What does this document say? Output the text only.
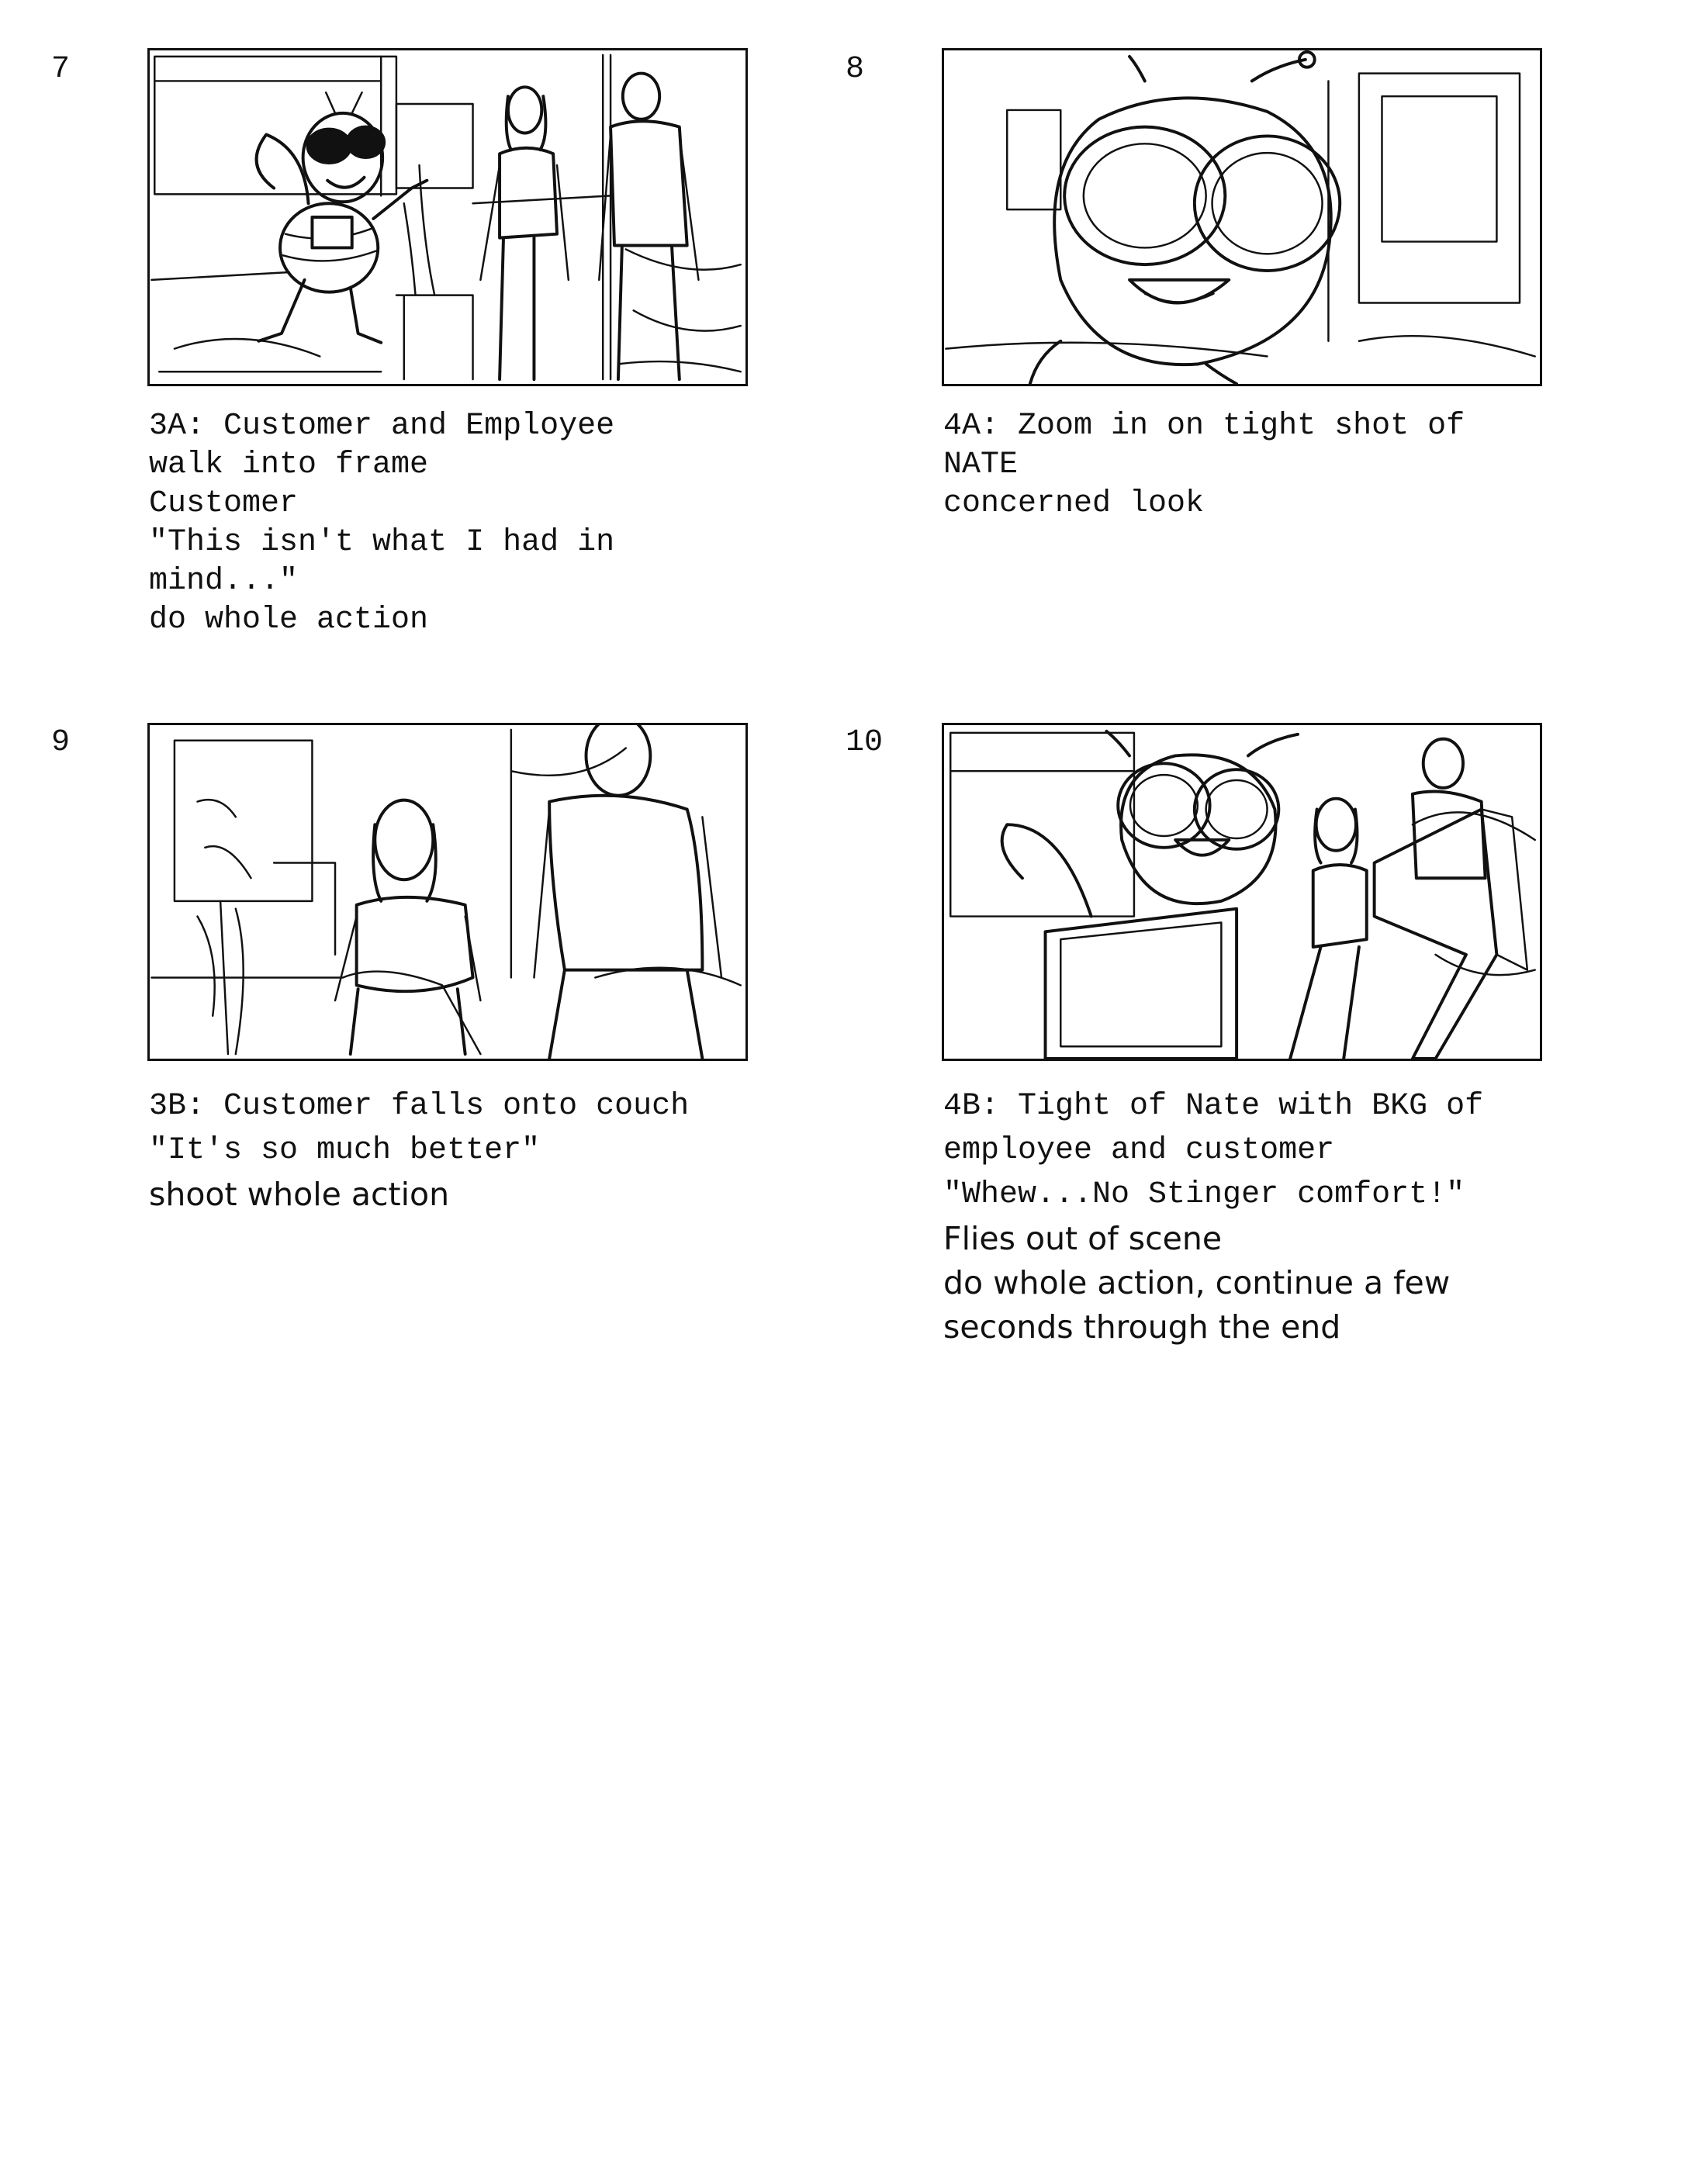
7
3A: Customer and Employee
walk into frame
Customer
"This isn't what I had in
mind..."
do whole action
8
4A: Zoom in on tight shot of
NATE
concerned look
9
3B: Customer falls onto couch
"It's so much better"
shoot whole action
10
4B: Tight of Nate with BKG of
employee and customer
"Whew...No Stinger comfort!"
Flies out of scene
do whole action, continue a few
seconds through the end
